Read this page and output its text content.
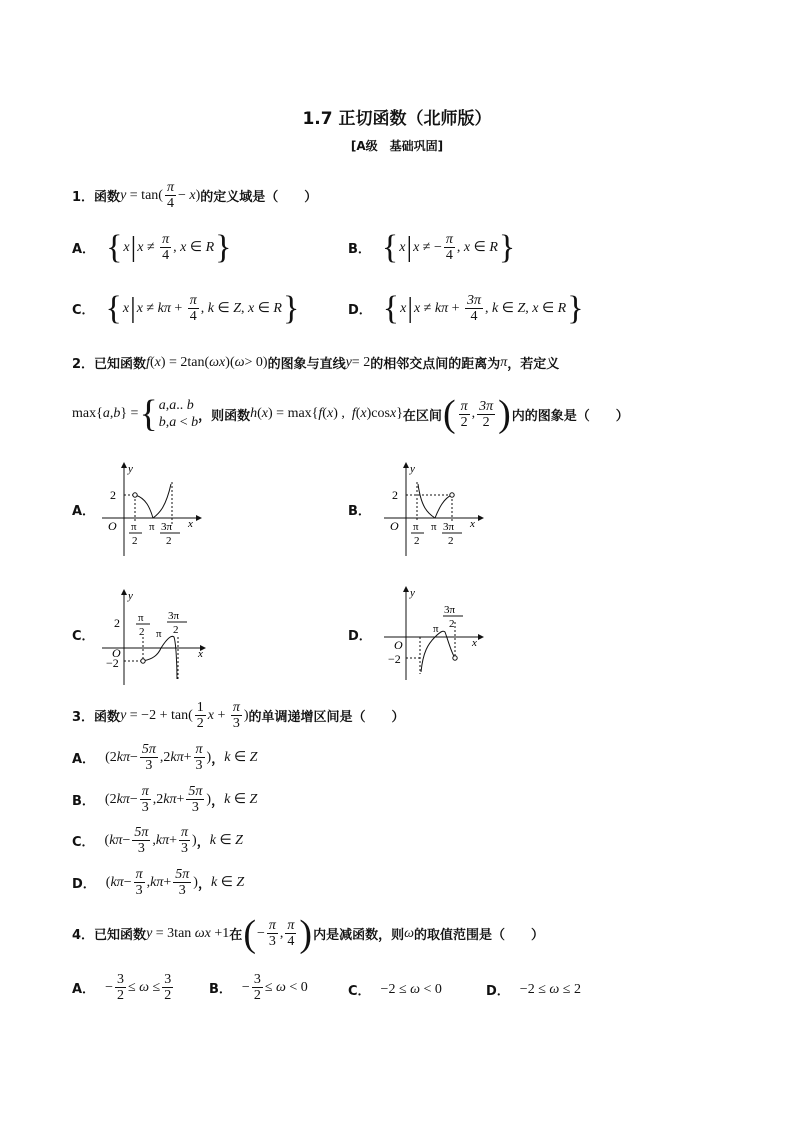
1.7 正切函数（北师版）
[A级　基础巩固]
1． 函数 $y = \tan( \frac{\pi}{4} - x$ ) 的定义域是（　　）
A． { x | $x \ne \frac{\pi}{4}$ , x ∈ R }	B． { x | x ≠ − $\frac{\pi}{4}$ , x ∈ R }
C． { x | $x \ne k\pi + \frac{\pi}{4}$ , k ∈ Z , x ∈ R }	D． { x | $x \ne k\pi + \frac{3\pi}{4}$ , k ∈ Z , x ∈ R }
2． 已知函数 f ( x ) = 2tan( ωx )( ω > 0) 的图象与直线 y = 2 的相邻交点间的距离为 π ，若定义
max{ a , b } = { a,a.. b
b,a < b ，则函数 h ( x ) = max{ f ( x ) , f ( x )cos x } 在区间 ( $\frac{\pi}{2}$ , $\frac{3\pi}{2}$ ) 内的图象是（　　）
A．
y
x
O
2
π
2
π 3π
2
B．
y
x
O
2
π
2
π 3π
2
C．
y
x
O
2
−2
π
2 π
3π
2	D．
y
x
O
−2
π
3π
2
3． 函数 $y = -2 + \tan( \frac{1}{2}$ $x + \frac{\pi}{3}$ ) 的单调递增区间是（　　）
A． (2 $k\pi - \frac{5\pi}{3} ,2$ $k\pi + \frac{\pi}{3}$ ) ， k ∈ Z
B． (2 $k\pi - \frac{\pi}{3} ,2$ $k\pi + \frac{5\pi}{3}$ ) ， k ∈ Z
C． ( $k\pi - \frac{5\pi}{3}$ , $k\pi + \frac{\pi}{3}$ ) ， k ∈ Z
D． ( $k\pi - \frac{\pi}{3}$ , $k\pi + \frac{5\pi}{3}$ ) ， k ∈ Z
4． 已知函数 y = 3tan ωx +1 在 ( − $\frac{\pi}{3}$ , $\frac{\pi}{4}$ ) 内是减函数，则 ω 的取值范围是（　　）
A． − $\frac{3}{2} \le \omega \le \frac{3}{2}$	B． − $\frac{3}{2} \le \omega < 0$	C． −2 ≤ ω < 0	D． −2 ≤ ω ≤ 2
